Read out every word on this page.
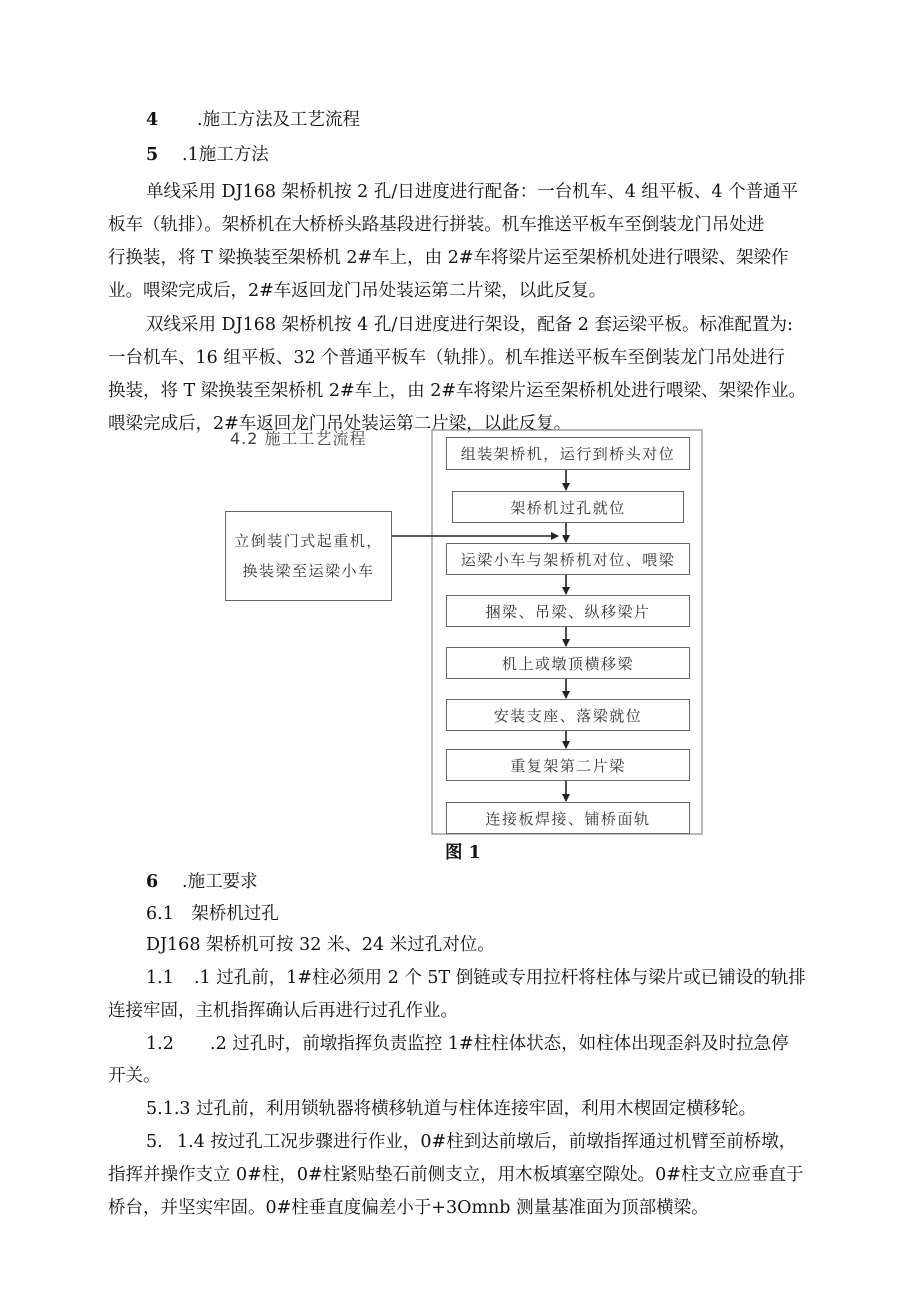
4 .施工方法及工艺流程
5 .1施工方法
单线采用 DJ168 架桥机按 2 孔/日进度进行配备：一台机车、4 组平板、4 个普通平
板车（轨排）。架桥机在大桥桥头路基段进行拼装。机车推送平板车至倒装龙门吊处进
行换装，将 T 梁换装至架桥机 2#车上，由 2#车将梁片运至架桥机处进行喂梁、架梁作
业。喂梁完成后，2#车返回龙门吊处装运第二片梁，以此反复。
双线采用 DJ168 架桥机按 4 孔/日进度进行架设，配备 2 套运梁平板。标准配置为:
一台机车、16 组平板、32 个普通平板车（轨排）。机车推送平板车至倒装龙门吊处进行
换装，将 T 梁换装至架桥机 2#车上，由 2#车将梁片运至架桥机处进行喂梁、架梁作业。
喂梁完成后，2#车返回龙门吊处装运第二片梁，以此反复。
4.2 施工工艺流程
组装架桥机，运行到桥头对位
架桥机过孔就位
运梁小车与架桥机对位、喂梁
捆梁、吊梁、纵移梁片
机上或墩顶横移梁
安装支座、落梁就位
重复架第二片梁
连接板焊接、铺桥面轨
立倒装门式起重机，
换装梁至运梁小车
图 1
6 .施工要求
6.1　架桥机过孔
DJ168 架桥机可按 32 米、24 米过孔对位。
1.1 .1 过孔前，1#柱必须用 2 个 5T 倒链或专用拉杆将柱体与梁片或已铺设的轨排
连接牢固，主机指挥确认后再进行过孔作业。
1.2 .2 过孔时，前墩指挥负责监控 1#柱柱体状态，如柱体出现歪斜及时拉急停
开关。
5.1.3 过孔前，利用锁轨器将横移轨道与柱体连接牢固，利用木楔固定横移轮。
5. 1.4 按过孔工况步骤进行作业，0#柱到达前墩后，前墩指挥通过机臂至前桥墩，
指挥并操作支立 0#柱，0#柱紧贴垫石前侧支立，用木板填塞空隙处。0#柱支立应垂直于
桥台，并坚实牢固。0#柱垂直度偏差小于+3Omnb 测量基准面为顶部横梁。
